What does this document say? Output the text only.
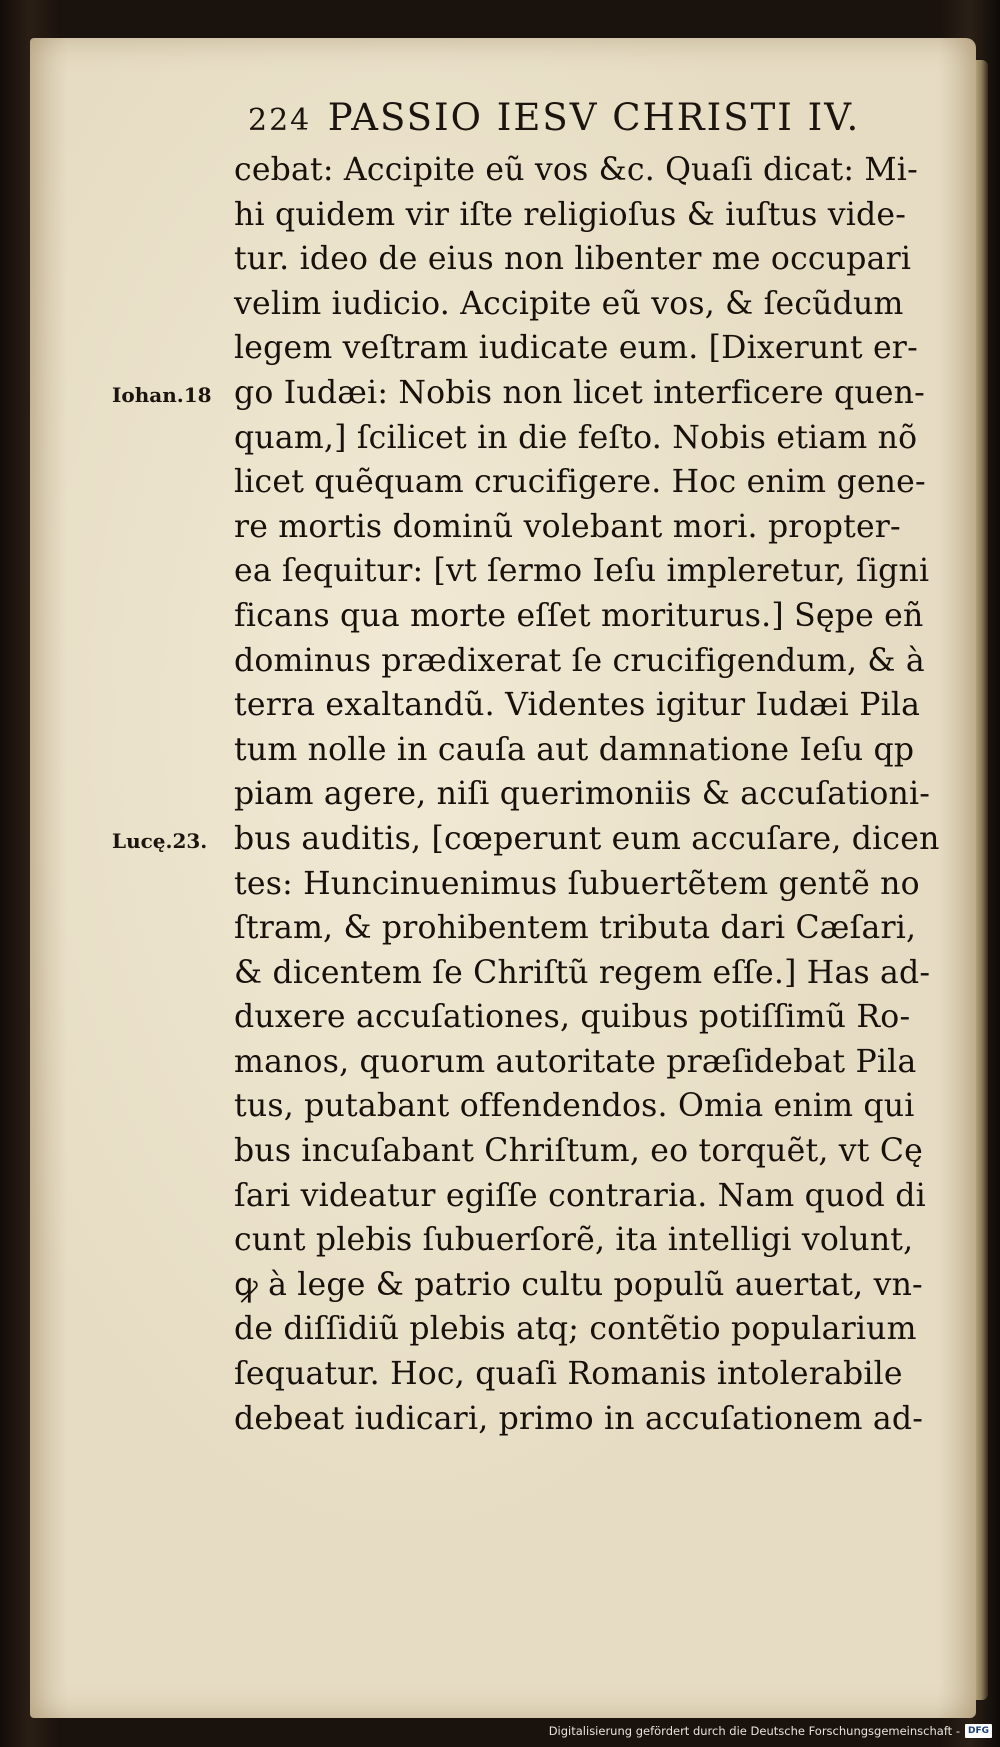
224 PASSIO IESV CHRISTI IV.
Iohan.18
Lucę.23.
cebat: Accipite eũ vos &c. Quaſi dicat: Mi-
hi quidem vir iſte religioſus & iuſtus vide-
tur. ideo de eius non libenter me occupari
velim iudicio. Accipite eũ vos, & ſecũdum
legem veſtram iudicate eum. [Dixerunt er-
go Iudæi: Nobis non licet interficere quen-
quam,] ſcilicet in die feſto. Nobis etiam nõ
licet quẽquam crucifigere. Hoc enim gene-
re mortis dominũ volebant mori. propter-
ea ſequitur: [vt ſermo Ieſu impleretur, ſigni
ficans qua morte eſſet moriturus.] Sępe eñ
dominus prædixerat ſe crucifigendum, & à
terra exaltandũ. Videntes igitur Iudæi Pila
tum nolle in cauſa aut damnatione Ieſu qp
piam agere, niſi querimoniis & accuſationi-
bus auditis, [cœperunt eum accuſare, dicen
tes: Huncinuenimus ſubuertẽtem gentẽ no
ſtram, & prohibentem tributa dari Cæſari,
& dicentem ſe Chriſtũ regem eſſe.] Has ad-
duxere accuſationes, quibus potiſſimũ Ro-
manos, quorum autoritate præſidebat Pila
tus, putabant offendendos. Omia enim qui
bus incuſabant Chriſtum, eo torquẽt, vt Cę
ſari videatur egiſſe contraria. Nam quod di
cunt plebis ſubuerſorẽ, ita intelligi volunt,
ꝙ à lege & patrio cultu populũ auertat, vn-
de diſſidiũ plebis atq; contẽtio popularium
ſequatur. Hoc, quaſi Romanis intolerabile
debeat iudicari, primo in accuſationem ad-
Digitalisierung gefördert durch die Deutsche Forschungsgemeinschaft - DFG
